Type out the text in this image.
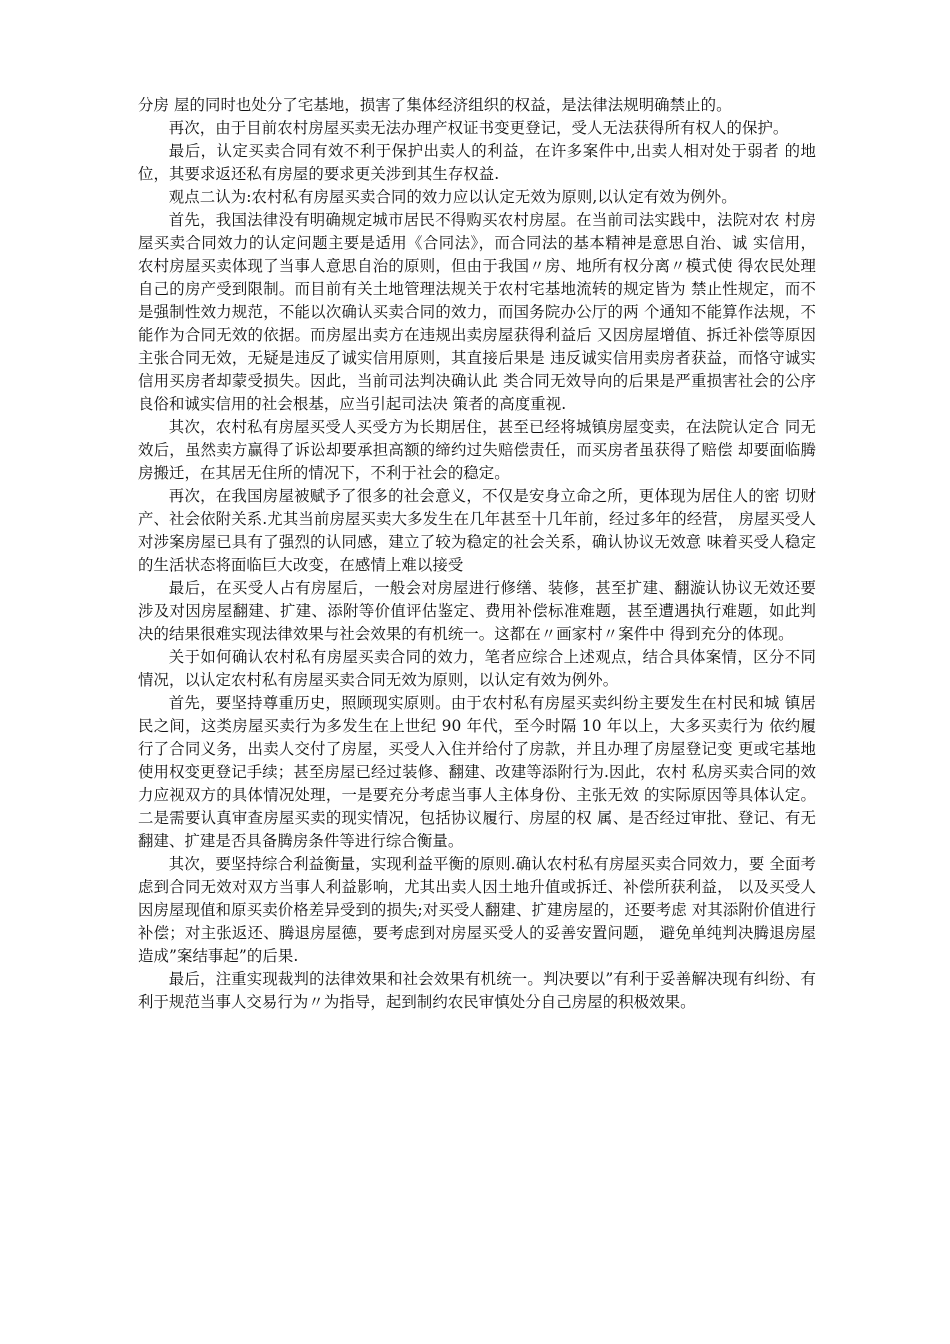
分房 屋的同时也处分了宅基地，损害了集体经济组织的权益，是法律法规明确禁止的。

再次，由于目前农村房屋买卖无法办理产权证书变更登记，受人无法获得所有权人的保护。

最后，认定买卖合同有效不利于保护出卖人的利益，在许多案件中,出卖人相对处于弱者 的地位，其要求返还私有房屋的要求更关涉到其生存权益.

观点二认为:农村私有房屋买卖合同的效力应以认定无效为原则,以认定有效为例外。

首先，我国法律没有明确规定城市居民不得购买农村房屋。在当前司法实践中，法院对农 村房屋买卖合同效力的认定问题主要是适用《合同法》，而合同法的基本精神是意思自治、诚 实信用，农村房屋买卖体现了当事人意思自治的原则，但由于我国〃房、地所有权分离〃模式使 得农民处理自己的房产受到限制。而目前有关土地管理法规关于农村宅基地流转的规定皆为 禁止性规定，而不是强制性效力规范，不能以次确认买卖合同的效力，而国务院办公厅的两 个通知不能算作法规，不能作为合同无效的依据。而房屋出卖方在违规出卖房屋获得利益后 又因房屋增值、拆迁补偿等原因主张合同无效，无疑是违反了诚实信用原则，其直接后果是 违反诚实信用卖房者获益，而恪守诚实信用买房者却蒙受损失。因此，当前司法判决确认此 类合同无效导向的后果是严重损害社会的公序良俗和诚实信用的社会根基，应当引起司法决 策者的高度重视.

其次，农村私有房屋买受人买受方为长期居住，甚至已经将城镇房屋变卖，在法院认定合 同无效后，虽然卖方赢得了诉讼却要承担高额的缔约过失赔偿责任，而买房者虽获得了赔偿 却要面临腾房搬迁，在其居无住所的情况下，不利于社会的稳定。

再次，在我国房屋被赋予了很多的社会意义，不仅是安身立命之所，更体现为居住人的密 切财产、社会依附关系.尤其当前房屋买卖大多发生在几年甚至十几年前，经过多年的经营， 房屋买受人对涉案房屋已具有了强烈的认同感，建立了较为稳定的社会关系，确认协议无效意 味着买受人稳定的生活状态将面临巨大改变，在感情上难以接受

最后，在买受人占有房屋后，一般会对房屋进行修缮、装修，甚至扩建、翻漩认协议无效还要涉及对因房屋翻建、扩建、添附等价值评估鉴定、费用补偿标准难题，甚至遭遇执行难题，如此判决的结果很难实现法律效果与社会效果的有机统一。这都在〃画家村〃案件中 得到充分的体现。

关于如何确认农村私有房屋买卖合同的效力，笔者应综合上述观点，结合具体案情，区分不同情况，以认定农村私有房屋买卖合同无效为原则，以认定有效为例外。

首先，要坚持尊重历史，照顾现实原则。由于农村私有房屋买卖纠纷主要发生在村民和城 镇居民之间，这类房屋买卖行为多发生在上世纪 90 年代，至今时隔 10 年以上，大多买卖行为 依约履行了合同义务，出卖人交付了房屋，买受人入住并给付了房款，并且办理了房屋登记变 更或宅基地使用权变更登记手续；甚至房屋已经过装修、翻建、改建等添附行为.因此，农村 私房买卖合同的效力应视双方的具体情况处理，一是要充分考虑当事人主体身份、主张无效 的实际原因等具体认定。二是需要认真审查房屋买卖的现实情况，包括协议履行、房屋的权 属、是否经过审批、登记、有无翻建、扩建是否具备腾房条件等进行综合衡量。

其次，要坚持综合利益衡量，实现利益平衡的原则.确认农村私有房屋买卖合同效力，要 全面考虑到合同无效对双方当事人利益影响，尤其出卖人因土地升值或拆迁、补偿所获利益， 以及买受人因房屋现值和原买卖价格差异受到的损失;对买受人翻建、扩建房屋的，还要考虑 对其添附价值进行补偿；对主张返还、腾退房屋德，要考虑到对房屋买受人的妥善安置问题， 避免单纯判决腾退房屋造成”案结事起”的后果.

最后，注重实现裁判的法律效果和社会效果有机统一。判决要以”有利于妥善解决现有纠纷、有利于规范当事人交易行为〃为指导，起到制约农民审慎处分自己房屋的积极效果。
